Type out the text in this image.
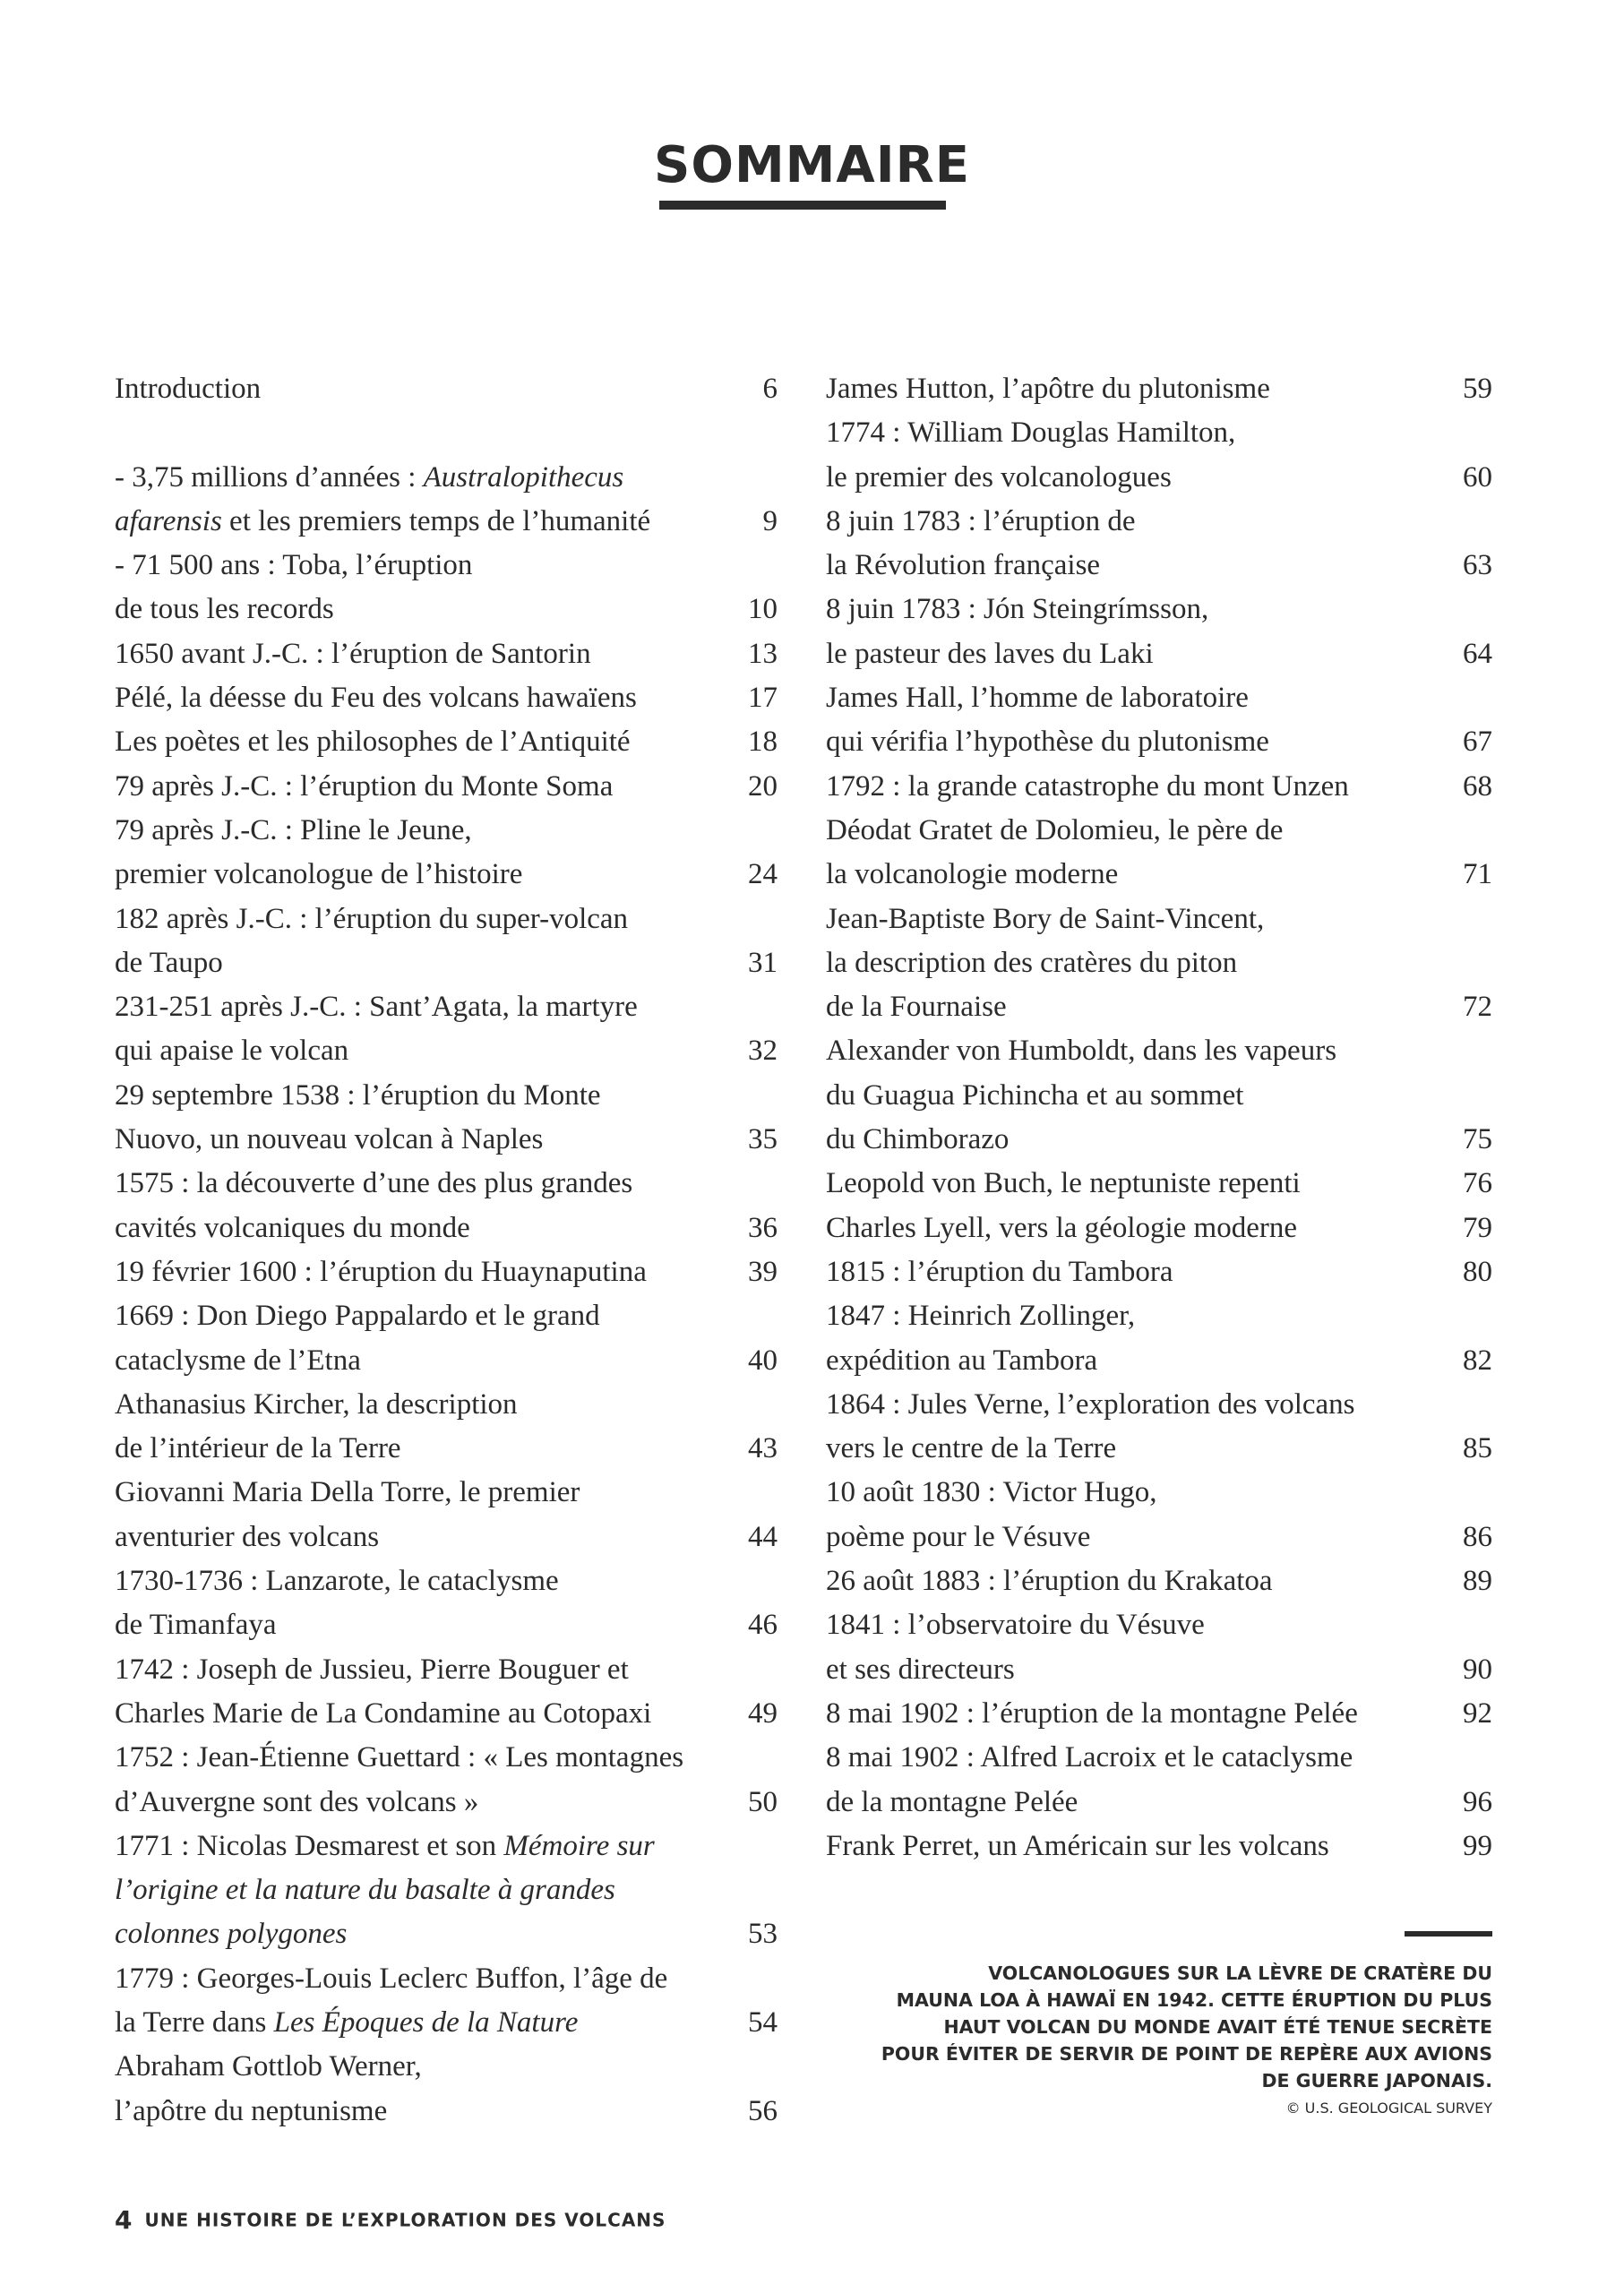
SOMMAIRE
Introduction	6
- 3,75 millions d’années : Australopithecus
afarensis et les premiers temps de l’humanité	9
- 71 500 ans : Toba, l’éruption
de tous les records	10
1650 avant J.-C. : l’éruption de Santorin	13
Pélé, la déesse du Feu des volcans hawaïens	17
Les poètes et les philosophes de l’Antiquité	18
79 après J.-C. : l’éruption du Monte Soma	20
79 après J.-C. : Pline le Jeune,
premier volcanologue de l’histoire	24
182 après J.-C. : l’éruption du super-volcan
de Taupo	31
231-251 après J.-C. : Sant’Agata, la martyre
qui apaise le volcan	32
29 septembre 1538 : l’éruption du Monte
Nuovo, un nouveau volcan à Naples	35
1575 : la découverte d’une des plus grandes
cavités volcaniques du monde	36
19 février 1600 : l’éruption du Huaynaputina	39
1669 : Don Diego Pappalardo et le grand
cataclysme de l’Etna	40
Athanasius Kircher, la description
de l’intérieur de la Terre	43
Giovanni Maria Della Torre, le premier
aventurier des volcans	44
1730-1736 : Lanzarote, le cataclysme
de Timanfaya	46
1742 : Joseph de Jussieu, Pierre Bouguer et
Charles Marie de La Condamine au Cotopaxi	49
1752 : Jean-Étienne Guettard : « Les montagnes
d’Auvergne sont des volcans »	50
1771 : Nicolas Desmarest et son Mémoire sur
l’origine et la nature du basalte à grandes
colonnes polygones	53
1779 : Georges-Louis Leclerc Buffon, l’âge de
la Terre dans Les Époques de la Nature	54
Abraham Gottlob Werner,
l’apôtre du neptunisme	56
James Hutton, l’apôtre du plutonisme	59
1774 : William Douglas Hamilton,
le premier des volcanologues	60
8 juin 1783 : l’éruption de
la Révolution française	63
8 juin 1783 : Jón Steingrímsson,
le pasteur des laves du Laki	64
James Hall, l’homme de laboratoire
qui vérifia l’hypothèse du plutonisme	67
1792 : la grande catastrophe du mont Unzen	68
Déodat Gratet de Dolomieu, le père de
la volcanologie moderne	71
Jean-Baptiste Bory de Saint-Vincent,
la description des cratères du piton
de la Fournaise	72
Alexander von Humboldt, dans les vapeurs
du Guagua Pichincha et au sommet
du Chimborazo	75
Leopold von Buch, le neptuniste repenti	76
Charles Lyell, vers la géologie moderne	79
1815 : l’éruption du Tambora	80
1847 : Heinrich Zollinger,
expédition au Tambora	82
1864 : Jules Verne, l’exploration des volcans
vers le centre de la Terre	85
10 août 1830 : Victor Hugo,
poème pour le Vésuve	86
26 août 1883 : l’éruption du Krakatoa	89
1841 : l’observatoire du Vésuve
et ses directeurs	90
8 mai 1902 : l’éruption de la montagne Pelée	92
8 mai 1902 : Alfred Lacroix et le cataclysme
de la montagne Pelée	96
Frank Perret, un Américain sur les volcans	99
VOLCANOLOGUES SUR LA LÈVRE DE CRATÈRE DU
MAUNA LOA À HAWAÏ EN 1942. CETTE ÉRUPTION DU PLUS
HAUT VOLCAN DU MONDE AVAIT ÉTÉ TENUE SECRÈTE
POUR ÉVITER DE SERVIR DE POINT DE REPÈRE AUX AVIONS
DE GUERRE JAPONAIS.
© U.S. GEOLOGICAL SURVEY
4 UNE HISTOIRE DE L’EXPLORATION DES VOLCANS
